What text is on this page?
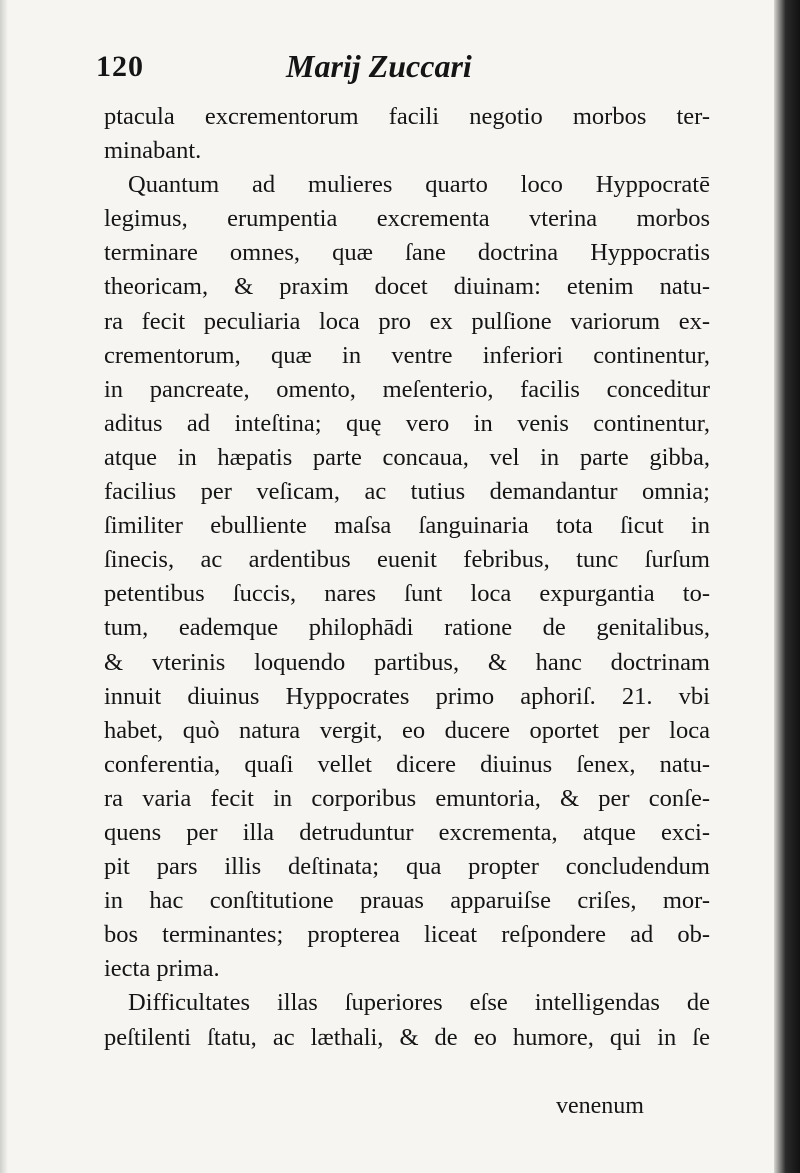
120	Marij Zuccari
ptacula excrementorum facili negotio morbos ter-
minabant.
Quantum ad mulieres quarto loco Hyppocratē
legimus, erumpentia excrementa vterina morbos
terminare omnes, quæ ſane doctrina Hyppocratis
theoricam, & praxim docet diuinam: etenim natu-
ra fecit peculiaria loca pro ex pulſione variorum ex-
crementorum, quæ in ventre inferiori continentur,
in pancreate, omento, meſenterio, facilis conceditur
aditus ad inteſtina; quę vero in venis continentur,
atque in hæpatis parte concaua, vel in parte gibba,
facilius per veſicam, ac tutius demandantur omnia;
ſimiliter ebulliente maſsa ſanguinaria tota ſicut in
ſinecis, ac ardentibus euenit febribus, tunc ſurſum
petentibus ſuccis, nares ſunt loca expurgantia to-
tum, eademque philophādi ratione de genitalibus,
& vterinis loquendo partibus, & hanc doctrinam
innuit diuinus Hyppocrates primo aphoriſ. 21. vbi
habet, quò natura vergit, eo ducere oportet per loca
conferentia, quaſi vellet dicere diuinus ſenex, natu-
ra varia fecit in corporibus emuntoria, & per conſe-
quens per illa detruduntur excrementa, atque exci-
pit pars illis deſtinata; qua propter concludendum
in hac conſtitutione prauas apparuiſse criſes, mor-
bos terminantes; propterea liceat reſpondere ad ob-
iecta prima.
Difficultates illas ſuperiores eſse intelligendas de
peſtilenti ſtatu, ac læthali, & de eo humore, qui in ſe
venenum
